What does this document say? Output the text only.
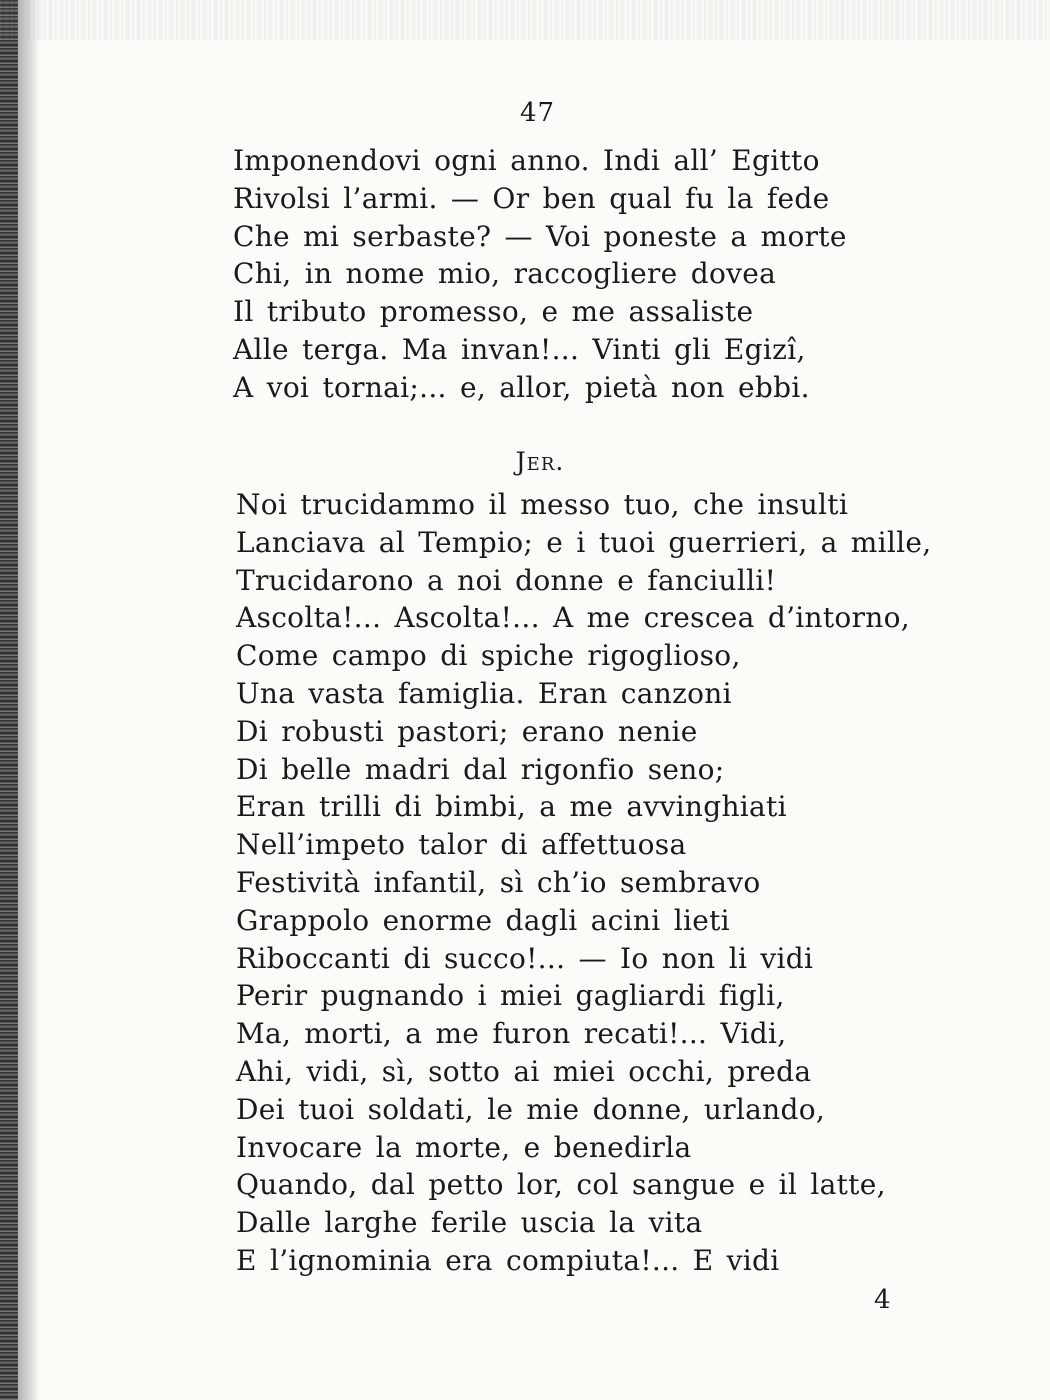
47
Imponendovi ogni anno. Indi all’ Egitto
Rivolsi l’armi. — Or ben qual fu la fede
Che mi serbaste? — Voi poneste a morte
Chi, in nome mio, raccogliere dovea
Il tributo promesso, e me assaliste
Alle terga. Ma invan!... Vinti gli Egizî,
A voi tornai;... e, allor, pietà non ebbi.
Jer.
Noi trucidammo il messo tuo, che insulti
Lanciava al Tempio; e i tuoi guerrieri, a mille,
Trucidarono a noi donne e fanciulli!
Ascolta!... Ascolta!... A me crescea d’intorno,
Come campo di spiche rigoglioso,
Una vasta famiglia. Eran canzoni
Di robusti pastori; erano nenie
Di belle madri dal rigonfio seno;
Eran trilli di bimbi, a me avvinghiati
Nell’impeto talor di affettuosa
Festività infantil, sì ch’io sembravo
Grappolo enorme dagli acini lieti
Riboccanti di succo!... — Io non li vidi
Perir pugnando i miei gagliardi figli,
Ma, morti, a me furon recati!... Vidi,
Ahi, vidi, sì, sotto ai miei occhi, preda
Dei tuoi soldati, le mie donne, urlando,
Invocare la morte, e benedirla
Quando, dal petto lor, col sangue e il latte,
Dalle larghe ferile uscia la vita
E l’ignominia era compiuta!... E vidi
4
